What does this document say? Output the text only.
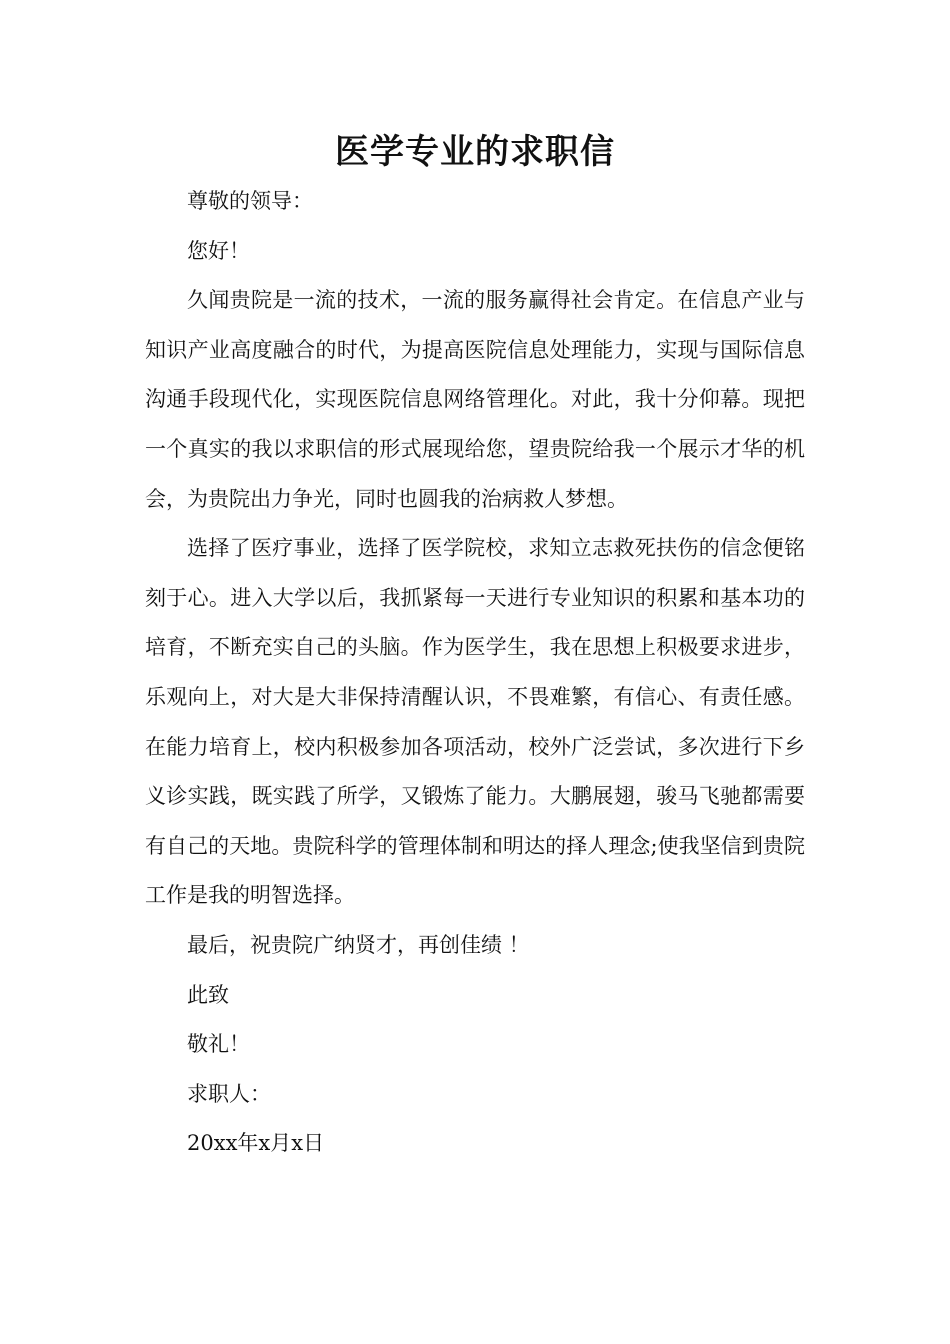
医学专业的求职信

尊敬的领导：

您好！

久闻贵院是一流的技术，一流的服务赢得社会肯定。在信息产业与知识产业高度融合的时代，为提高医院信息处理能力，实现与国际信息沟通手段现代化，实现医院信息网络管理化。对此，我十分仰幕。现把一个真实的我以求职信的形式展现给您，望贵院给我一个展示才华的机会，为贵院出力争光，同时也圆我的治病救人梦想。

选择了医疗事业，选择了医学院校，求知立志救死扶伤的信念便铭刻于心。进入大学以后，我抓紧每一天进行专业知识的积累和基本功的培育，不断充实自己的头脑。作为医学生，我在思想上积极要求进步，乐观向上，对大是大非保持清醒认识，不畏难繁，有信心、有责任感。在能力培育上，校内积极参加各项活动，校外广泛尝试，多次进行下乡义诊实践，既实践了所学，又锻炼了能力。大鹏展翅，骏马飞驰都需要有自己的天地。贵院科学的管理体制和明达的择人理念;使我坚信到贵院工作是我的明智选择。

最后，祝贵院广纳贤才，再创佳绩 ！

此致

敬礼！

求职人：

20xx年x月x日
